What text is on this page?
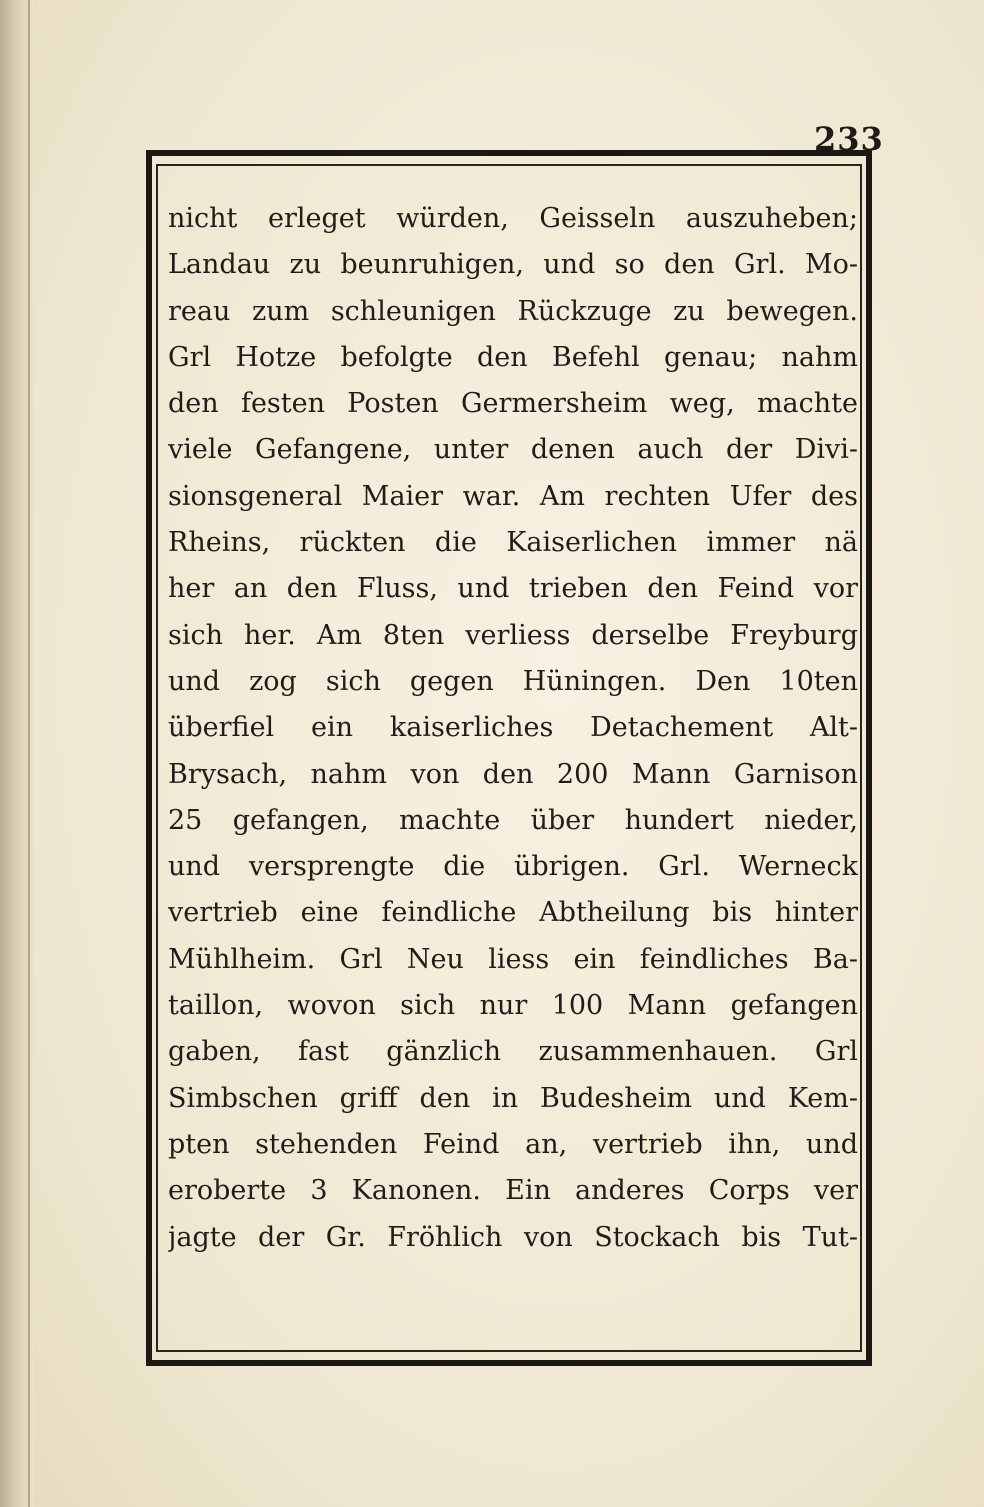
233
nicht erleget würden, Geisseln auszuheben;
Landau zu beunruhigen, und so den Grl. Mo-
reau zum schleunigen Rückzuge zu bewegen.
Grl Hotze befolgte den Befehl genau; nahm
den festen Posten Germersheim weg, machte
viele Gefangene, unter denen auch der Divi-
sionsgeneral Maier war. Am rechten Ufer des
Rheins, rückten die Kaiserlichen immer nä
her an den Fluss, und trieben den Feind vor
sich her. Am 8ten verliess derselbe Freyburg
und zog sich gegen Hüningen. Den 10ten
überfiel ein kaiserliches Detachement Alt-
Brysach, nahm von den 200 Mann Garnison
25 gefangen, machte über hundert nieder,
und versprengte die übrigen. Grl. Werneck
vertrieb eine feindliche Abtheilung bis hinter
Mühlheim. Grl Neu liess ein feindliches Ba-
taillon, wovon sich nur 100 Mann gefangen
gaben, fast gänzlich zusammenhauen. Grl
Simbschen griff den in Budesheim und Kem-
pten stehenden Feind an, vertrieb ihn, und
eroberte 3 Kanonen. Ein anderes Corps ver
jagte der Gr. Fröhlich von Stockach bis Tut-
